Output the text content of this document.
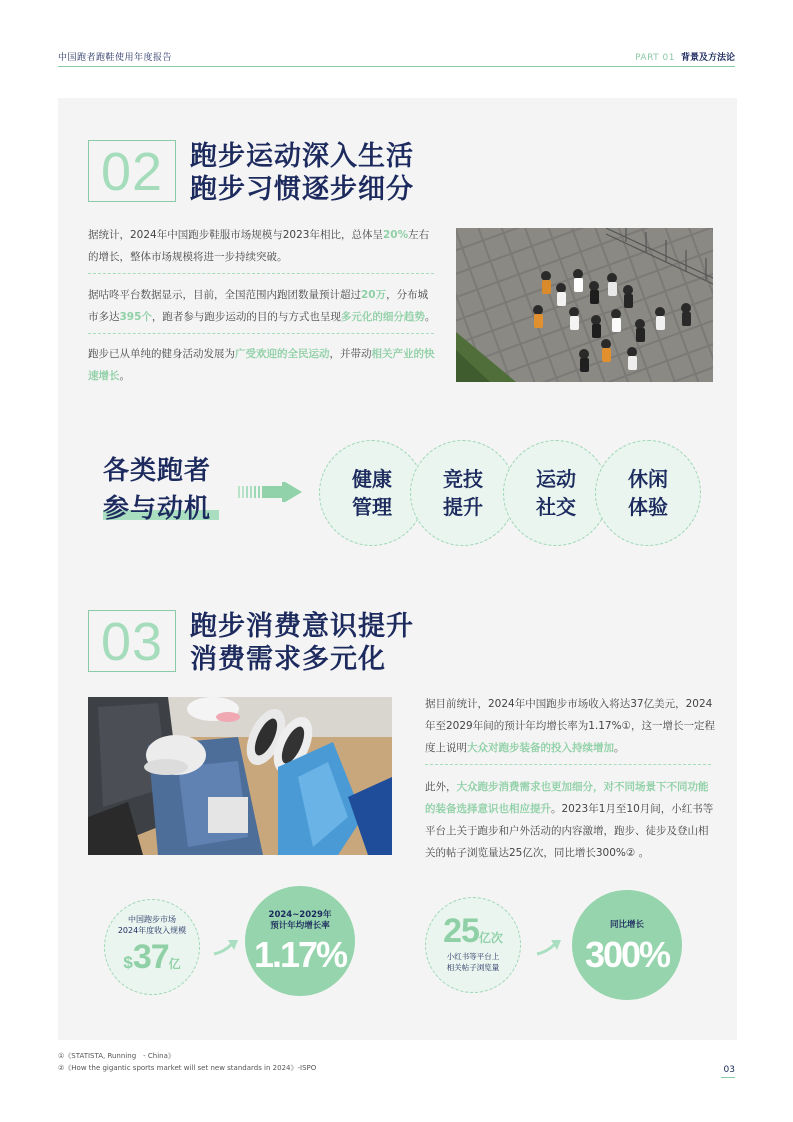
中国跑者跑鞋使用年度报告	PART 01 背景及方法论
02 跑步运动深入生活
跑步习惯逐步细分
据统计，2024年中国跑步鞋服市场规模与2023年相比，总体呈20%左右的增长，整体市场规模将进一步持续突破。
据咕咚平台数据显示，目前，全国范围内跑团数量预计超过20万，分布城市多达395个，跑者参与跑步运动的目的与方式也呈现多元化的细分趋势。
跑步已从单纯的健身活动发展为广受欢迎的全民运动，并带动相关产业的快速增长。
各类跑者
参与动机
健康
管理
竞技
提升
运动
社交
休闲
体验
03 跑步消费意识提升
消费需求多元化
据目前统计，2024年中国跑步市场收入将达37亿美元，2024年至2029年间的预计年均增长率为1.17%①，这一增长一定程度上说明大众对跑步装备的投入持续增加。
此外，大众跑步消费需求也更加细分，对不同场景下不同功能的装备选择意识也相应提升。2023年1月至10月间，小红书等平台上关于跑步和户外活动的内容激增，跑步、徒步及登山相关的帖子浏览量达25亿次，同比增长300%② 。
中国跑步市场
2024年度收入规模
$37亿
2024~2029年
预计年均增长率
1.17%
25亿次
小红书等平台上
相关帖子浏览量
同比增长
300%
①《STATISTA, Running　- China》
②《How the gigantic sports market will set new standards in 2024》-ISPO	03
